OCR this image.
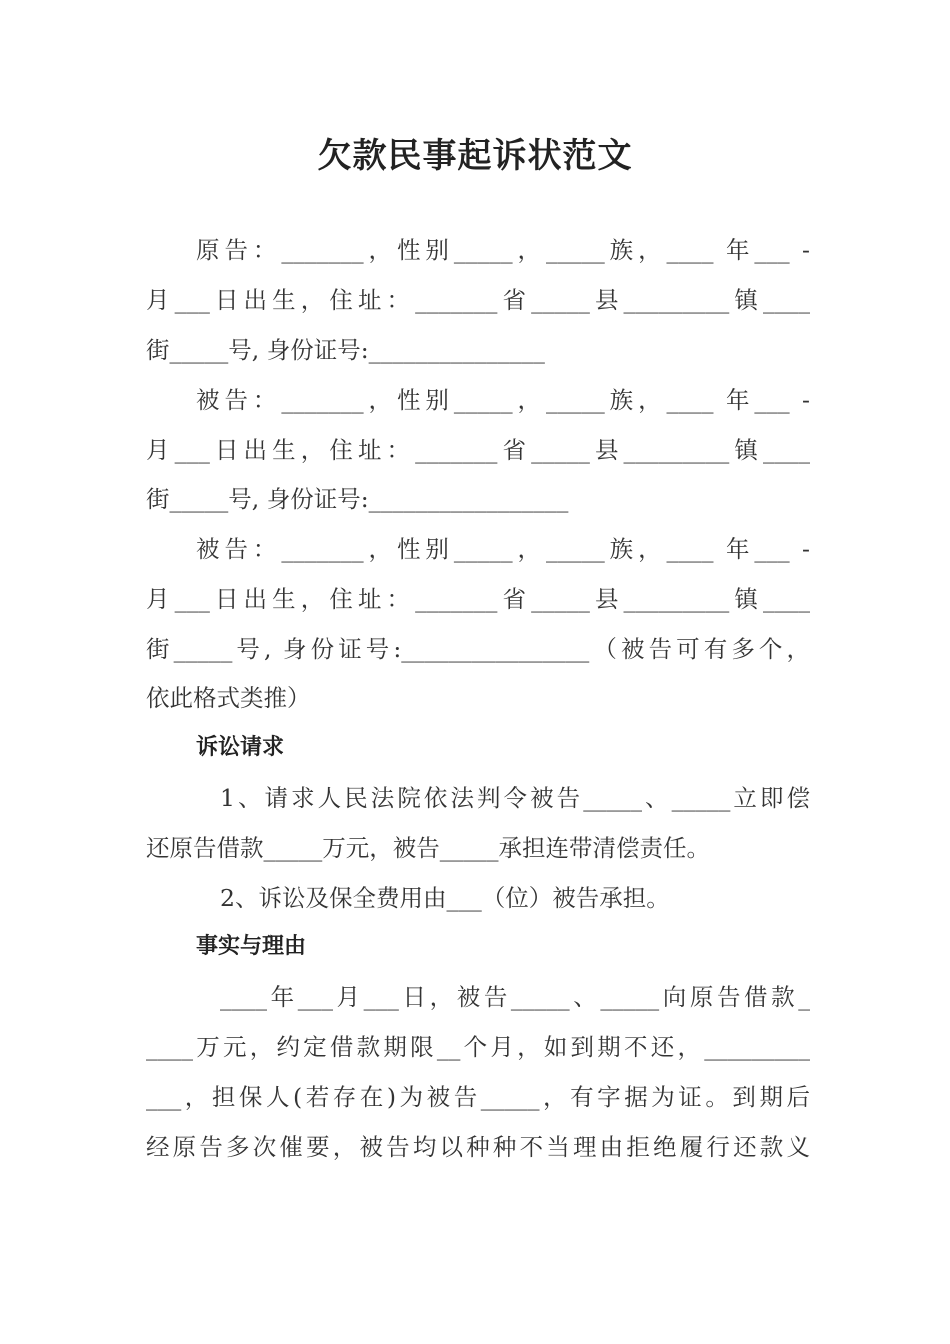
欠款民事起诉状范文

原告：_______，性别_____，_____族，____ 年___ -

月___日出生，住址：_______省_____县_________镇____

街_____号, 身份证号:_______________

被告：_______，性别_____，_____族，____ 年___ -

月___日出生，住址：_______省_____县_________镇____

街_____号, 身份证号:_________________

被告：_______，性别_____，_____族，____ 年___ -

月___日出生，住址：_______省_____县_________镇____

街_____号, 身份证号:________________（被告可有多个，

依此格式类推）

诉讼请求

1、请求人民法院依法判令被告_____、_____立即偿

还原告借款_____万元，被告_____承担连带清偿责任。

2、诉讼及保全费用由___（位）被告承担。

事实与理由

____年___月___日，被告_____、_____向原告借款_

____万元，约定借款期限__个月，如到期不还，_________

___，担保人(若存在)为被告_____，有字据为证。到期后

经原告多次催要，被告均以种种不当理由拒绝履行还款义
